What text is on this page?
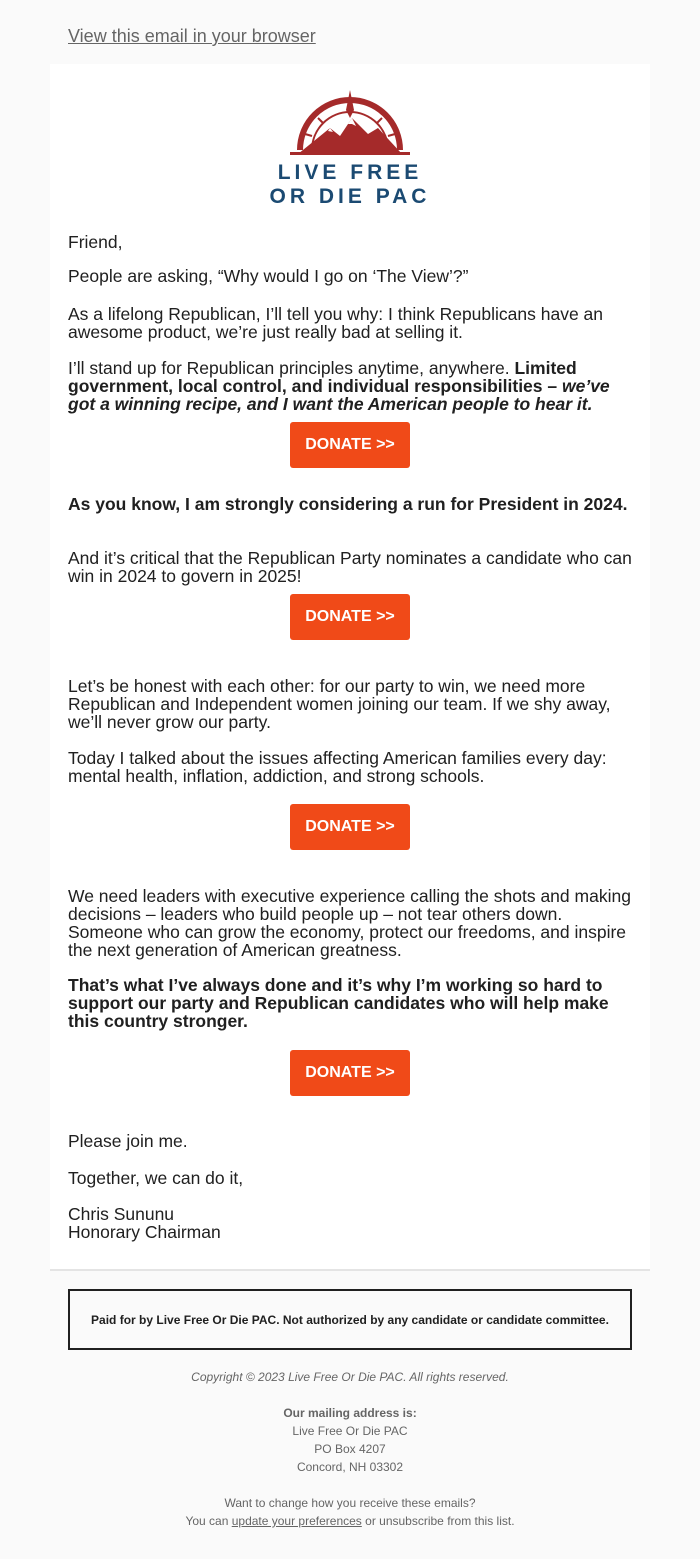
View this email in your browser
LIVE FREE
OR DIE PAC

Friend,

People are asking, “Why would I go on ‘The View’?”

As a lifelong Republican, I’ll tell you why: I think Republicans have an awesome product, we’re just really bad at selling it.

I’ll stand up for Republican principles anytime, anywhere. Limited government, local control, and individual responsibilities – we’ve got a winning recipe, and I want the American people to hear it.

DONATE >>

As you know, I am strongly considering a run for President in 2024.

And it’s critical that the Republican Party nominates a candidate who can win in 2024 to govern in 2025!

DONATE >>

Let’s be honest with each other: for our party to win, we need more Republican and Independent women joining our team. If we shy away, we’ll never grow our party.

Today I talked about the issues affecting American families every day: mental health, inflation, addiction, and strong schools.

DONATE >>

We need leaders with executive experience calling the shots and making decisions – leaders who build people up – not tear others down. Someone who can grow the economy, protect our freedoms, and inspire the next generation of American greatness.

That’s what I’ve always done and it’s why I’m working so hard to support our party and Republican candidates who will help make this country stronger.

DONATE >>

Please join me.

Together, we can do it,

Chris Sununu

Honorary Chairman

Paid for by Live Free Or Die PAC. Not authorized by any candidate or candidate committee.
Copyright © 2023 Live Free Or Die PAC. All rights reserved.
Our mailing address is:
Live Free Or Die PAC
PO Box 4207
Concord, NH 03302
Want to change how you receive these emails?
You can update your preferences or unsubscribe from this list.
